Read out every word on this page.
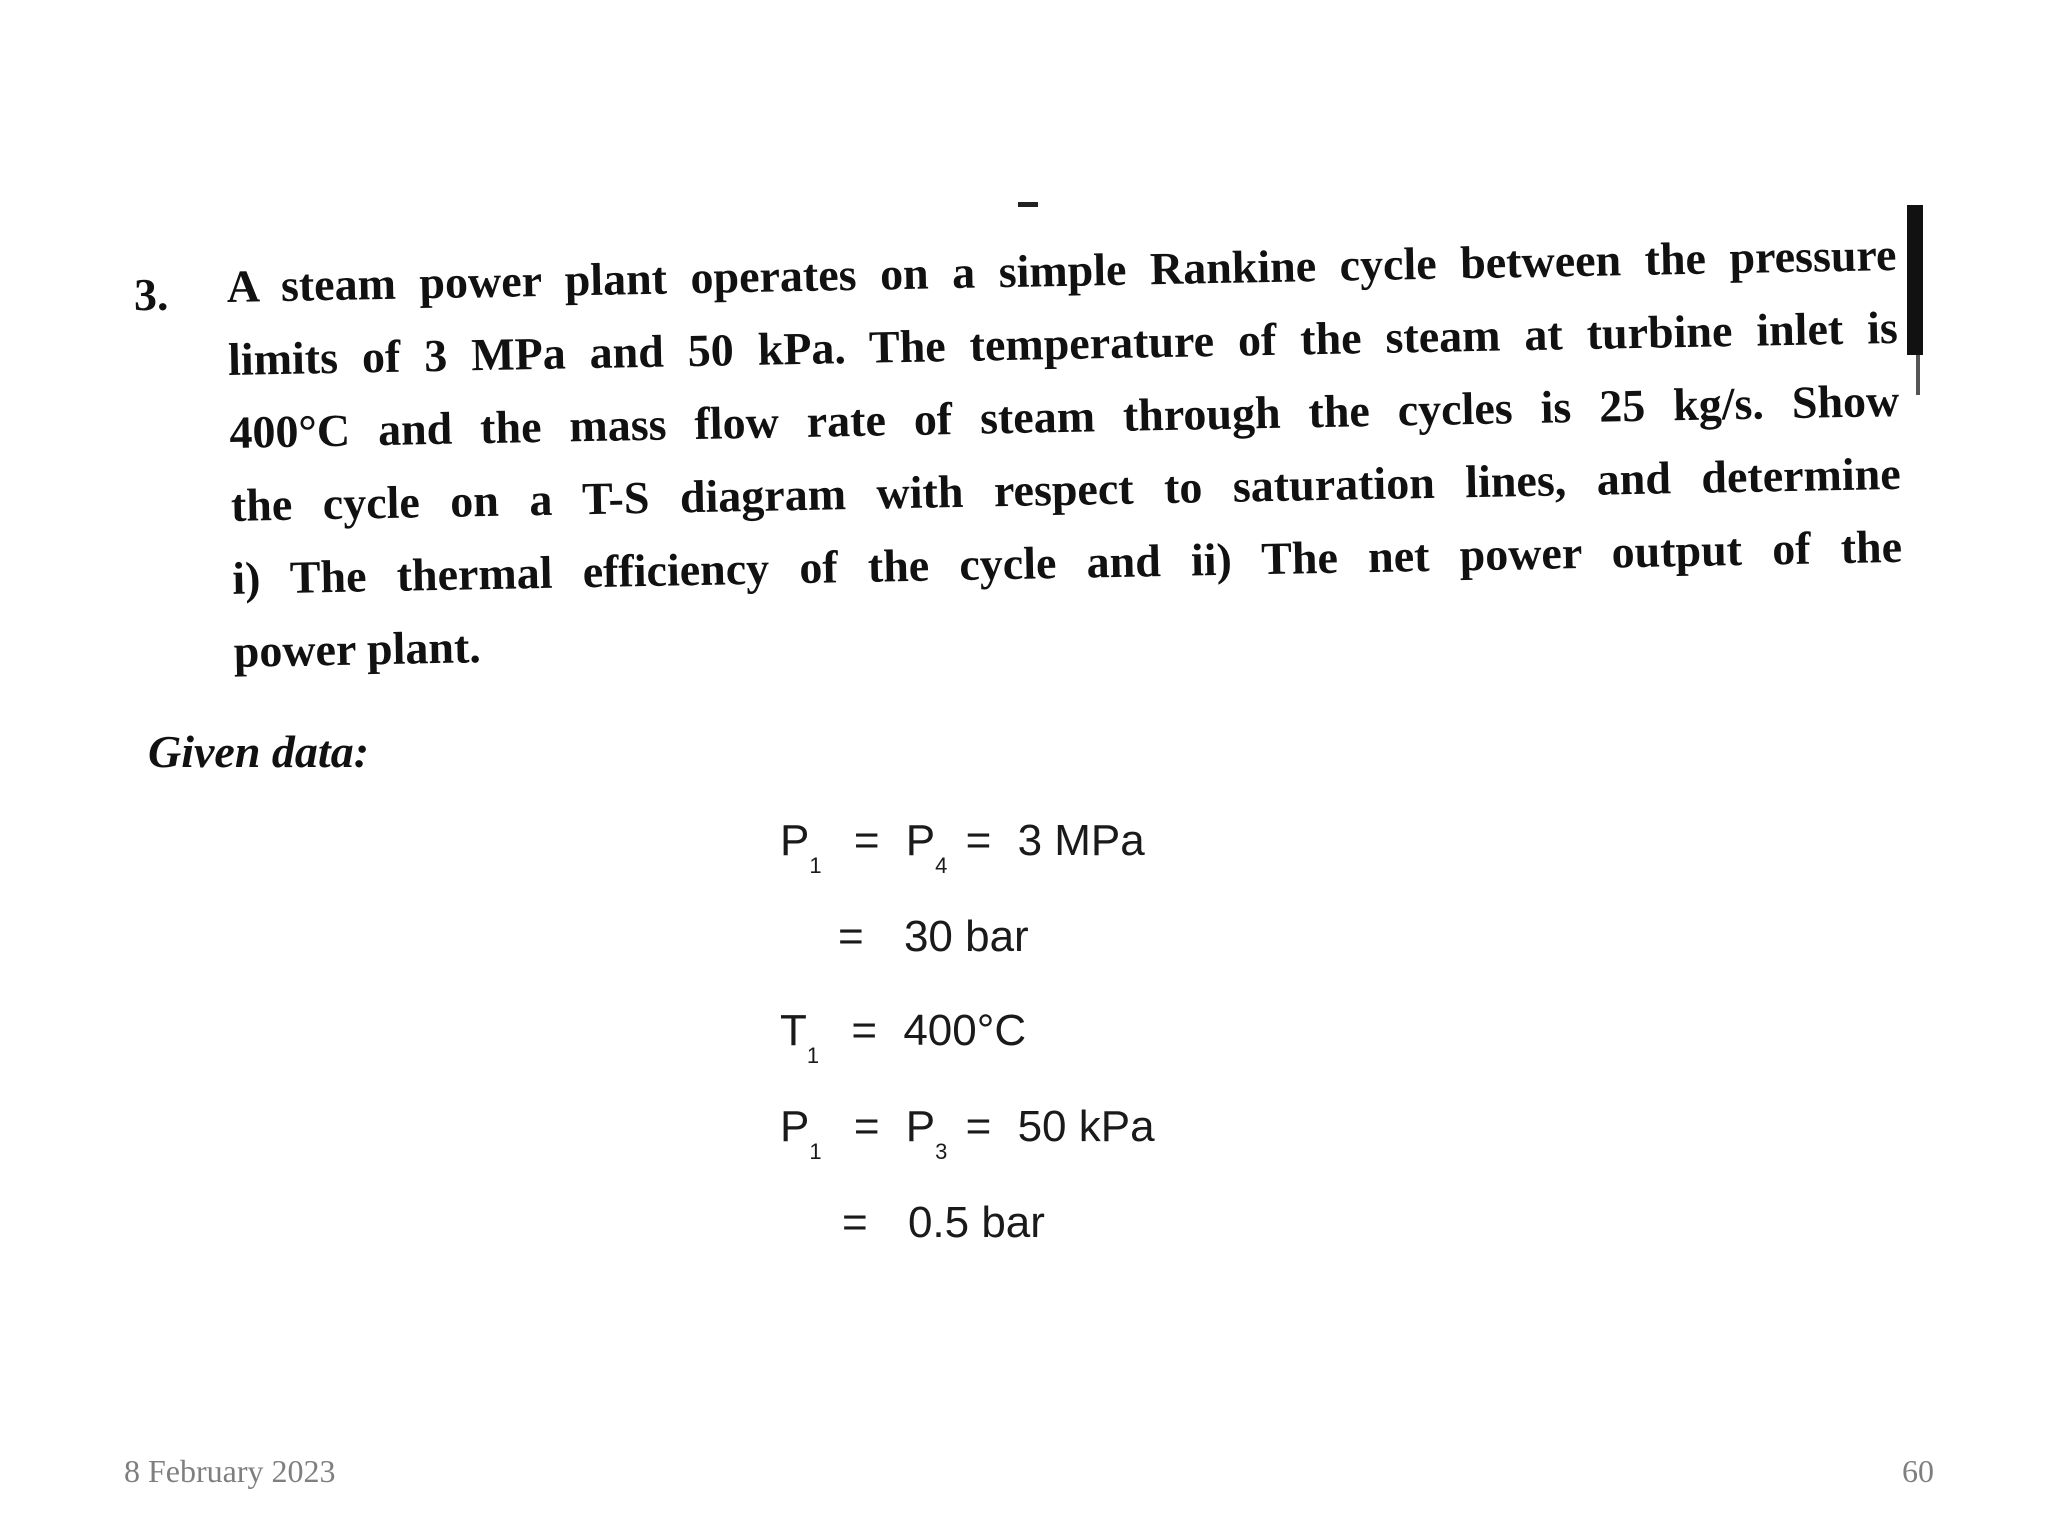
3. A steam power plant operates on a simple Rankine cycle between the pressure
limits of 3 MPa and 50 kPa. The temperature of the steam at turbine inlet is
400°C and the mass flow rate of steam through the cycles is 25 kg/s. Show
the cycle on a T-S diagram with respect to saturation lines, and determine
i) The thermal efficiency of the cycle and ii) The net power output of the
power plant.
Given data:
$P_1 = P_4 = 3$ MPa
= 30 bar
$T_1 = 400^\circ C$
$P_1 = P_3 = 50$ kPa
= 0.5 bar
8 February 2023	60
